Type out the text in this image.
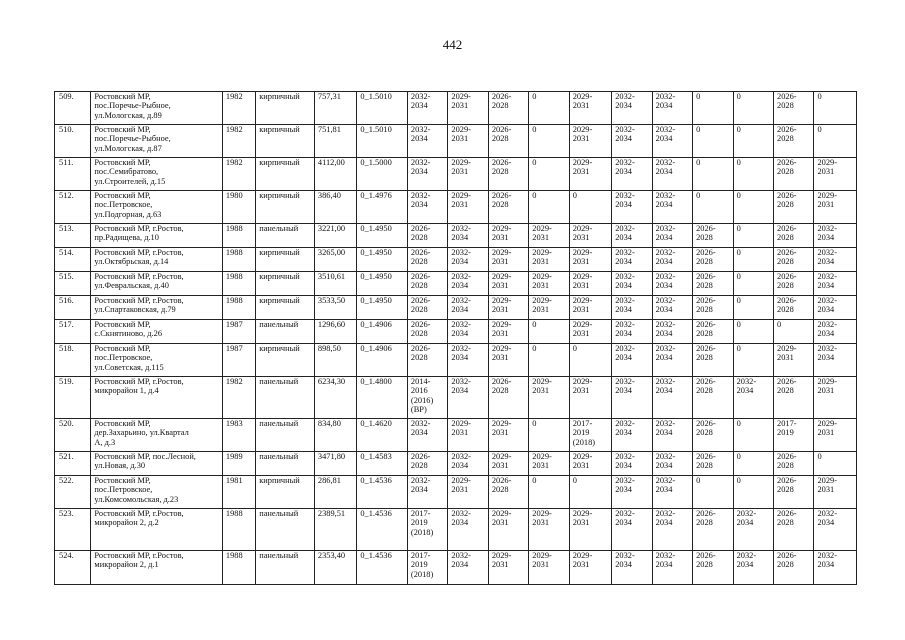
442
509.	Ростовский МР,
пос.Поречье-Рыбное,
ул.Мологская, д.89	1982	кирпичный	757,31	0_1.5010	2032-
2034	2029-
2031	2026-
2028	0	2029-
2031	2032-
2034	2032-
2034	0	0	2026-
2028	0
510.	Ростовский МР,
пос.Поречье-Рыбное,
ул.Мологская, д.87	1982	кирпичный	751,81	0_1.5010	2032-
2034	2029-
2031	2026-
2028	0	2029-
2031	2032-
2034	2032-
2034	0	0	2026-
2028	0
511.	Ростовский МР,
пос.Семибратово,
ул.Строителей, д.15	1982	кирпичный	4112,00	0_1.5000	2032-
2034	2029-
2031	2026-
2028	0	2029-
2031	2032-
2034	2032-
2034	0	0	2026-
2028	2029-
2031
512.	Ростовский МР,
пос.Петровское,
ул.Подгорная, д.63	1980	кирпичный	386,40	0_1.4976	2032-
2034	2029-
2031	2026-
2028	0	0	2032-
2034	2032-
2034	0	0	2026-
2028	2029-
2031
513.	Ростовский МР, г.Ростов,
пр.Радищева, д.10	1988	панельный	3221,00	0_1.4950	2026-
2028	2032-
2034	2029-
2031	2029-
2031	2029-
2031	2032-
2034	2032-
2034	2026-
2028	0	2026-
2028	2032-
2034
514.	Ростовский МР, г.Ростов,
ул.Октябрьская, д.14	1988	кирпичный	3265,00	0_1.4950	2026-
2028	2032-
2034	2029-
2031	2029-
2031	2029-
2031	2032-
2034	2032-
2034	2026-
2028	0	2026-
2028	2032-
2034
515.	Ростовский МР, г.Ростов,
ул.Февральская, д.40	1988	кирпичный	3510,61	0_1.4950	2026-
2028	2032-
2034	2029-
2031	2029-
2031	2029-
2031	2032-
2034	2032-
2034	2026-
2028	0	2026-
2028	2032-
2034
516.	Ростовский МР, г.Ростов,
ул.Спартаковская, д.79	1988	кирпичный	3533,50	0_1.4950	2026-
2028	2032-
2034	2029-
2031	2029-
2031	2029-
2031	2032-
2034	2032-
2034	2026-
2028	0	2026-
2028	2032-
2034
517.	Ростовский МР,
с.Скнятиново, д.26	1987	панельный	1296,60	0_1.4906	2026-
2028	2032-
2034	2029-
2031	0	2029-
2031	2032-
2034	2032-
2034	2026-
2028	0	0	2032-
2034
518.	Ростовский МР,
пос.Петровское,
ул.Советская, д.115	1987	кирпичный	898,50	0_1.4906	2026-
2028	2032-
2034	2029-
2031	0	0	2032-
2034	2032-
2034	2026-
2028	0	2029-
2031	2032-
2034
519.	Ростовский МР, г.Ростов,
микрорайон 1, д.4	1982	панельный	6234,30	0_1.4800	2014-
2016
(2016)
(ВР)	2032-
2034	2026-
2028	2029-
2031	2029-
2031	2032-
2034	2032-
2034	2026-
2028	2032-
2034	2026-
2028	2029-
2031
520.	Ростовский МР,
дер.Захарьино, ул.Квартал
А, д.3	1983	панельный	834,80	0_1.4620	2032-
2034	2029-
2031	2029-
2031	0	2017-
2019
(2018)	2032-
2034	2032-
2034	2026-
2028	0	2017-
2019	2029-
2031
521.	Ростовский МР, пос.Лесной,
ул.Новая, д.30	1989	панельный	3471,80	0_1.4583	2026-
2028	2032-
2034	2029-
2031	2029-
2031	2029-
2031	2032-
2034	2032-
2034	2026-
2028	0	2026-
2028	0
522.	Ростовский МР,
пос.Петровское,
ул.Комсомольская, д.23	1981	кирпичный	286,81	0_1.4536	2032-
2034	2029-
2031	2026-
2028	0	0	2032-
2034	2032-
2034	0	0	2026-
2028	2029-
2031
523.	Ростовский МР, г.Ростов,
микрорайон 2, д.2	1988	панельный	2389,51	0_1.4536	2017-
2019
(2018)	2032-
2034	2029-
2031	2029-
2031	2029-
2031	2032-
2034	2032-
2034	2026-
2028	2032-
2034	2026-
2028	2032-
2034
524.	Ростовский МР, г.Ростов,
микрорайон 2, д.1	1988	панельный	2353,40	0_1.4536	2017-
2019
(2018)	2032-
2034	2029-
2031	2029-
2031	2029-
2031	2032-
2034	2032-
2034	2026-
2028	2032-
2034	2026-
2028	2032-
2034
